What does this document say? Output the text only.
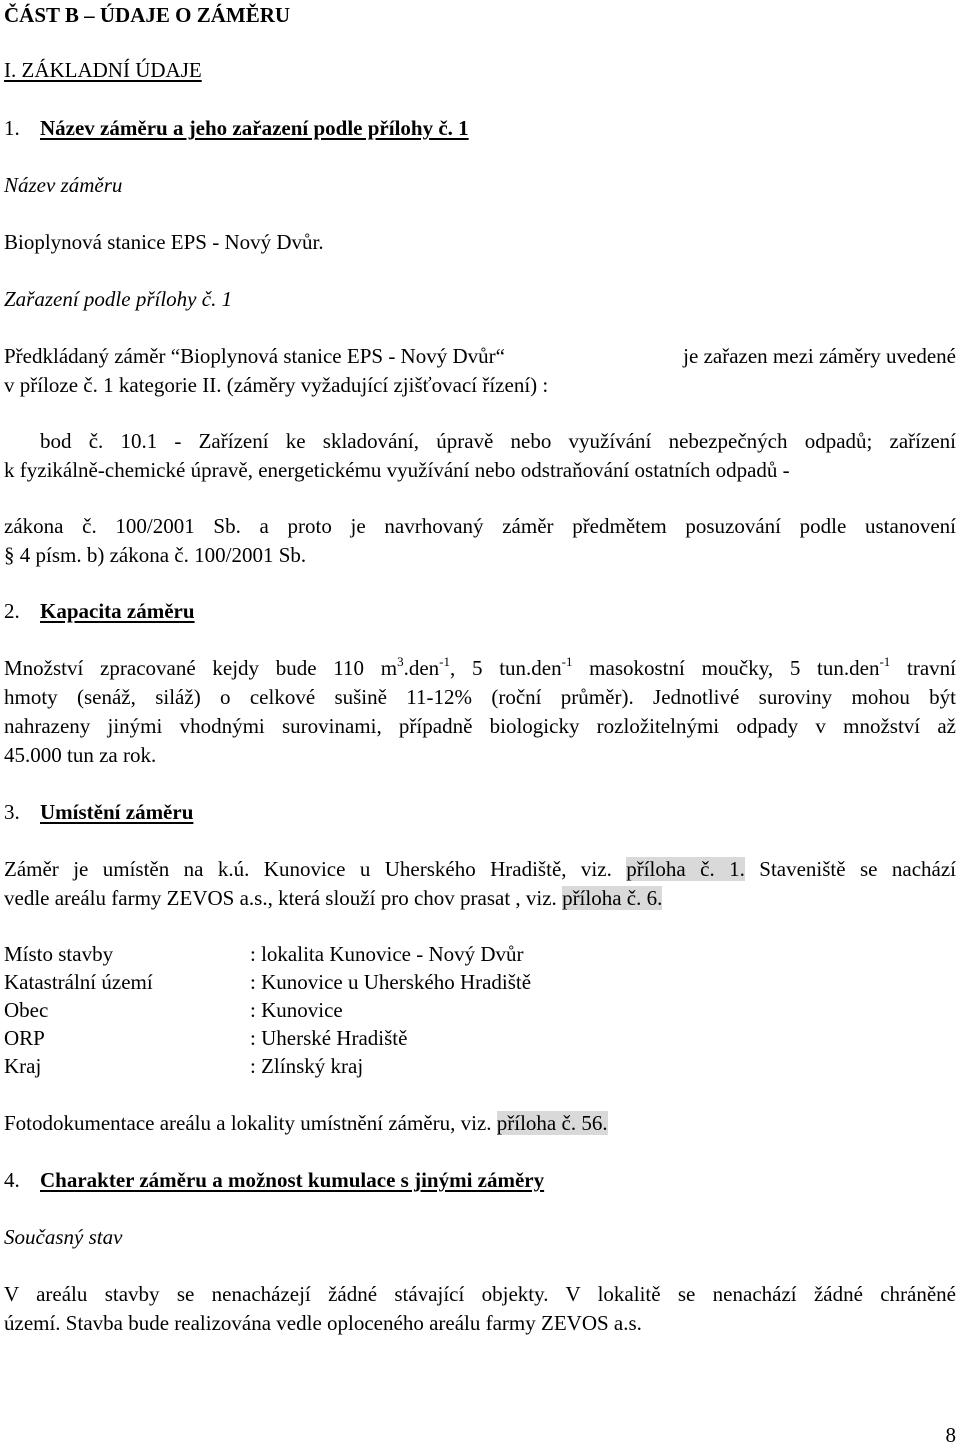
ČÁST B – ÚDAJE O ZÁMĚRU
I. ZÁKLADNÍ ÚDAJE
1. Název záměru a jeho zařazení podle přílohy č. 1
Název záměru
Bioplynová stanice EPS - Nový Dvůr.
Zařazení podle přílohy č. 1
Předkládaný záměr “Bioplynová stanice EPS - Nový Dvůr“	je zařazen mezi záměry uvedené
v příloze č. 1 kategorie II. (záměry vyžadující zjišťovací řízení) :
bod č. 10.1 - Zařízení ke skladování, úpravě nebo využívání nebezpečných odpadů; zařízení
k fyzikálně-chemické úpravě, energetickému využívání nebo odstraňování ostatních odpadů -
zákona č. 100/2001 Sb. a proto je navrhovaný záměr předmětem posuzování podle ustanovení
§ 4 písm. b) zákona č. 100/2001 Sb.
2. Kapacita záměru
Množství zpracované kejdy bude 110 $m^3.den^{-1}$, 5 tun.den$^{-1}$ masokostní moučky, 5 tun.den$^{-1}$ travní
hmoty (senáž, siláž) o celkové sušině 11-12% (roční průměr). Jednotlivé suroviny mohou být
nahrazeny jinými vhodnými surovinami, případně biologicky rozložitelnými odpady v množství až
45.000 tun za rok.
3. Umístění záměru
Záměr je umístěn na k.ú. Kunovice u Uherského Hradiště, viz. příloha č. 1. Staveniště se nachází
vedle areálu farmy ZEVOS a.s., která slouží pro chov prasat , viz. příloha č. 6.
Místo stavby	: lokalita Kunovice - Nový Dvůr
Katastrální území	: Kunovice u Uherského Hradiště
Obec	: Kunovice
ORP	: Uherské Hradiště
Kraj	: Zlínský kraj
Fotodokumentace areálu a lokality umístnění záměru, viz. příloha č. 56.
4. Charakter záměru a možnost kumulace s jinými záměry
Současný stav
V areálu stavby se nenacházejí žádné stávající objekty. V lokalitě se nenachází žádné chráněné
území. Stavba bude realizována vedle oploceného areálu farmy ZEVOS a.s.
8
